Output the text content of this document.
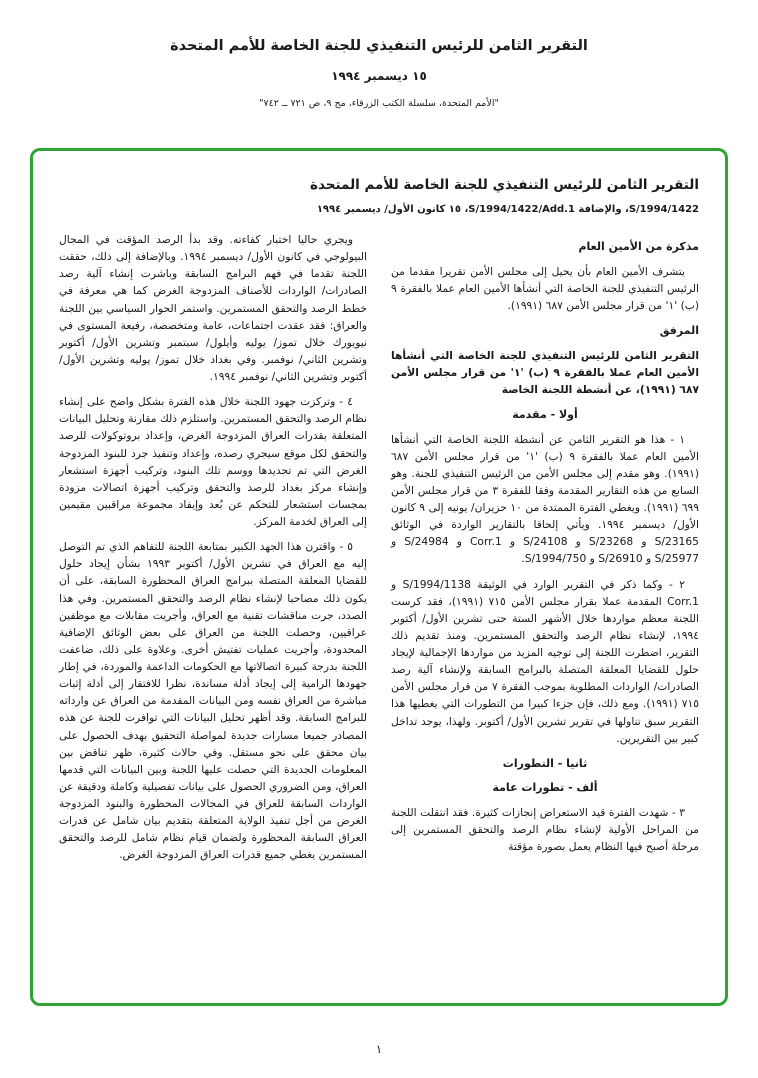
التقرير الثامن للرئيس التنفيذي للجنة الخاصة للأمم المتحدة
١٥ ديسمبر ١٩٩٤
"الأمم المتحدة، سلسلة الكتب الزرقاء، مج ٩، ص ٧٢١ ــ ٧٤٢"
التقرير الثامن للرئيس التنفيذي للجنة الخاصة للأمم المتحدة
S/1994/1422، والإضافة S/1994/1422/Add.1، ١٥ كانون الأول/ ديسمبر ١٩٩٤
مذكرة من الأمين العام

يتشرف الأمين العام بأن يحيل إلى مجلس الأمن تقريرا مقدما من الرئيس التنفيذي للجنة الخاصة التي أنشأها الأمين العام عملا بالفقرة ٩ (ب) '١' من قرار مجلس الأمن ٦٨٧ (١٩٩١).

المرفق

التقرير الثامن للرئيس التنفيذي للجنة الخاصة التي أنشأها الأمين العام عملا بالفقرة ٩ (ب) '١' من قرار مجلس الأمن ٦٨٧ (١٩٩١)، عن أنشطة اللجنة الخاصة

أولا - مقدمة

١ - هذا هو التقرير الثامن عن أنشطة اللجنة الخاصة التي أنشأها الأمين العام عملا بالفقرة ٩ (ب) '١' من قرار مجلس الأمن ٦٨٧ (١٩٩١). وهو مقدم إلى مجلس الأمن من الرئيس التنفيذي للجنة. وهو السابع من هذه التقارير المقدمة وفقا للفقرة ٣ من قرار مجلس الأمن ٦٩٩ (١٩٩١). ويغطي الفترة الممتدة من ١٠ حزيران/ يونيه إلى ٩ كانون الأول/ ديسمبر ١٩٩٤. ويأتي إلحاقا بالتقارير الواردة في الوثائق S/23165 و S/23268 و S/24108 و Corr.1 و S/24984 و S/25977 و S/26910 و S/1994/750.

٢ - وكما ذكر في التقرير الوارد في الوثيقة S/1994/1138 و Corr.1 المقدمة عملا بقرار مجلس الأمن ٧١٥ (١٩٩١)، فقد كرست اللجنة معظم مواردها خلال الأشهر الستة حتى تشرين الأول/ أكتوبر ١٩٩٤، لإنشاء نظام الرصد والتحقق المستمرين. ومنذ تقديم ذلك التقرير، اضطرت اللجنة إلى توجيه المزيد من مواردها الإجمالية لإيجاد حلول للقضايا المعلقة المتصلة بالبرامج السابقة ولإنشاء آلية رصد الصادرات/ الواردات المطلوبة بموجب الفقرة ٧ من قرار مجلس الأمن ٧١٥ (١٩٩١). ومع ذلك، فإن جزءا كبيرا من التطورات التي يغطيها هذا التقرير سبق تناولها في تقرير تشرين الأول/ أكتوبر. ولهذا، يوجد تداخل كبير بين التقريرين.

ثانيا - التطورات
ألف - تطورات عامة

٣ - شهدت الفترة قيد الاستعراض إنجازات كثيرة. فقد انتقلت اللجنة من المراحل الأولية لإنشاء نظام الرصد والتحقق المستمرين إلى مرحلة أصبح فيها النظام يعمل بصورة مؤقتة

ويجري حاليا اختبار كفاءته. وقد بدأ الرصد المؤقت في المجال البيولوجي في كانون الأول/ ديسمبر ١٩٩٤. وبالإضافة إلى ذلك، حققت اللجنة تقدما في فهم البرامج السابقة وباشرت إنشاء آلية رصد الصادرات/ الواردات للأصناف المزدوجة الغرض كما هي معرفة في خطط الرصد والتحقق المستمرين. واستمر الحوار السياسي بين اللجنة والعراق: فقد عقدت اجتماعات، عامة ومتخصصة، رفيعة المستوى في نيويورك خلال تموز/ يوليه وأيلول/ سبتمبر وتشرين الأول/ أكتوبر وتشرين الثاني/ نوفمبر. وفي بغداد خلال تموز/ يوليه وتشرين الأول/ أكتوبر وتشرين الثاني/ نوفمبر ١٩٩٤.

٤ - وتركزت جهود اللجنة خلال هذه الفترة بشكل واضح على إنشاء نظام الرصد والتحقق المستمرين. واستلزم ذلك مقارنة وتحليل البيانات المتعلقة بقدرات العراق المزدوجة الغرض، وإعداد بروتوكولات للرصد والتحقق لكل موقع سيجري رصده، وإعداد وتنفيذ جرد للبنود المزدوجة الغرض التي تم تحديدها ووسم تلك البنود، وتركيب أجهزة استشعار وإنشاء مركز بغداد للرصد والتحقق وتركيب أجهزة اتصالات مزودة بمجسات استشعار للتحكم عن بُعد وإيفاد مجموعة مراقبين مقيمين إلى العراق لخدمة المركز.

٥ - واقترن هذا الجهد الكبير بمتابعة اللجنة للتفاهم الذي تم التوصل إليه مع العراق في تشرين الأول/ أكتوبر ١٩٩٣ بشأن إيجاد حلول للقضايا المعلقة المتصلة ببرامج العراق المحظورة السابقة، على أن يكون ذلك مصاحبا لإنشاء نظام الرصد والتحقق المستمرين. وفي هذا الصدد، جرت مناقشات تقنية مع العراق، وأجريت مقابلات مع موظفين عراقيين، وحصلت اللجنة من العراق على بعض الوثائق الإضافية المحدودة، وأجريت عمليات تفتيش أخرى. وعلاوة على ذلك، ضاعفت اللجنة بدرجة كبيرة اتصالاتها مع الحكومات الداعمة والموردة، في إطار جهودها الرامية إلى إيجاد أدلة مساندة، نظرا للافتقار إلى أدلة إثبات مباشرة من العراق نفسه ومن البيانات المقدمة من العراق عن وارداته للبرامج السابقة. وقد أظهر تحليل البيانات التي توافرت للجنة عن هذه المصادر جميعا مسارات جديدة لمواصلة التحقيق بهدف الحصول على بيان محقق على نحو مستقل. وفي حالات كثيرة، ظهر تناقض بين المعلومات الجديدة التي حصلت عليها اللجنة وبين البيانات التي قدمها العراق، ومن الضروري الحصول على بيانات تفصيلية وكاملة ودقيقة عن الواردات السابقة للعراق في المجالات المحظورة والبنود المزدوجة الغرض من أجل تنفيذ الولاية المتعلقة بتقديم بيان شامل عن قدرات العراق السابقة المحظورة ولضمان قيام نظام شامل للرصد والتحقق المستمرين يغطي جميع قدرات العراق المزدوجة الغرض.

١
